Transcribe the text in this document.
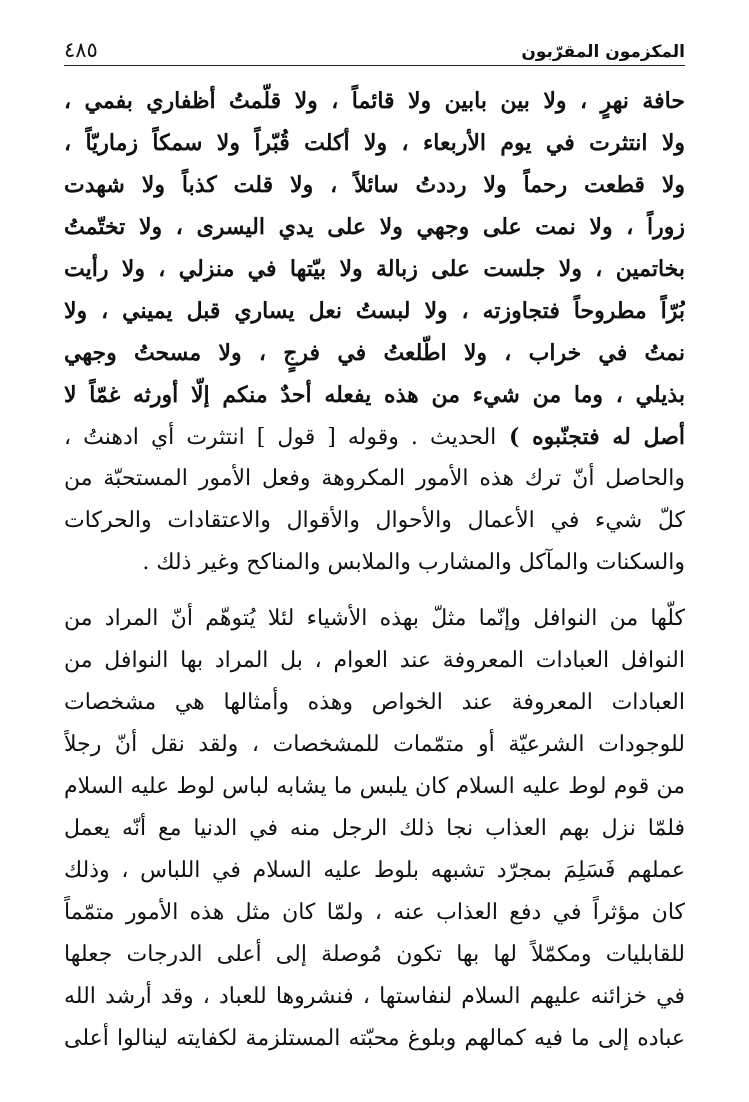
المكزمون المقرّبون
٤٨٥
حافة نهرٍ ، ولا بين بابين ولا قائماً ، ولا قلّمتُ أظفاري بفمي ،
ولا انتثرت في يوم الأربعاء ، ولا أكلت قُبّراً ولا سمكاً زماريّاً ،
ولا قطعت رحماً ولا رددتُ سائلاً ، ولا قلت كذباً ولا شهدت
زوراً ، ولا نمت على وجهي ولا على يدي اليسرى ، ولا تختّمتُ
بخاتمين ، ولا جلست على زبالة ولا بيّتها في منزلي ، ولا رأيت
بُرّاً مطروحاً فتجاوزته ، ولا لبستُ نعل يساري قبل يميني ، ولا
نمتُ في خراب ، ولا اطّلعتُ في فرجٍ ، ولا مسحتُ وجهي
بذيلي ، وما من شيء من هذه يفعله أحدٌ منكم إلّا أورثه غمّاً لا
أصل له فتجنّبوه ) الحديث . وقوله [ قول ] انتثرت أي ادهنتُ ،
والحاصل أنّ ترك هذه الأمور المكروهة وفعل الأمور المستحبّة من
كلّ شيء في الأعمال والأحوال والأقوال والاعتقادات والحركات
والسكنات والمآكل والمشارب والملابس والمناكح وغير ذلك .
كلّها من النوافل وإنّما مثلّ بهذه الأشياء لئلا يُتوهّم أنّ المراد من
النوافل العبادات المعروفة عند العوام ، بل المراد بها النوافل من
العبادات المعروفة عند الخواص وهذه وأمثالها هي مشخصات
للوجودات الشرعيّة أو متمّمات للمشخصات ، ولقد نقل أنّ رجلاً
من قوم لوط عليه السلام كان يلبس ما يشابه لباس لوط عليه السلام
فلمّا نزل بهم العذاب نجا ذلك الرجل منه في الدنيا مع أنّه يعمل
عملهم فَسَلِمَ بمجرّد تشبهه بلوط عليه السلام في اللباس ، وذلك
كان مؤثراً في دفع العذاب عنه ، ولمّا كان مثل هذه الأمور متمّماً
للقابليات ومكمّلاً لها بها تكون مُوصلة إلى أعلى الدرجات جعلها
في خزائنه عليهم السلام لنفاستها ، فنشروها للعباد ، وقد أرشد الله
عباده إلى ما فيه كمالهم وبلوغ محبّته المستلزمة لكفايته لينالوا أعلى
